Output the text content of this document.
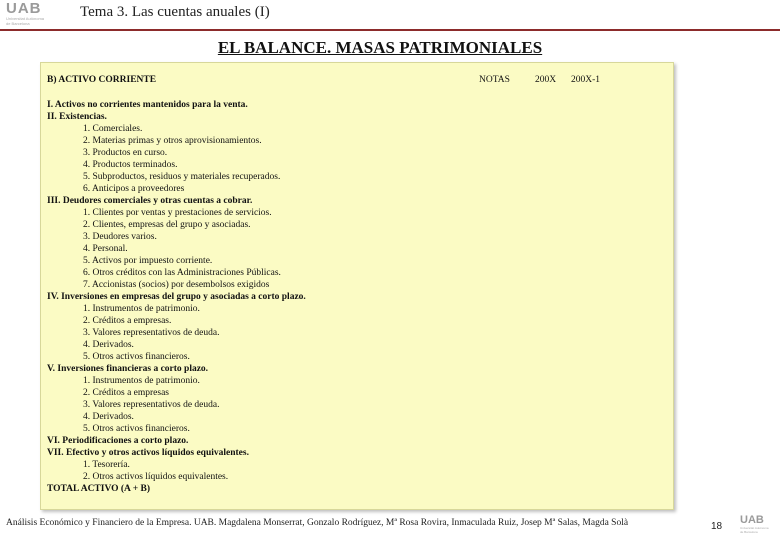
UAB
Universitat Autònoma
de Barcelona
Tema 3. Las cuentas anuales (I)
EL BALANCE. MASAS PATRIMONIALES
B) ACTIVO CORRIENTE	NOTAS	200X 200X-1
I. Activos no corrientes mantenidos para la venta.
II. Existencias.
1. Comerciales.
2. Materias primas y otros aprovisionamientos.
3. Productos en curso.
4. Productos terminados.
5. Subproductos, residuos y materiales recuperados.
6. Anticipos a proveedores
III. Deudores comerciales y otras cuentas a cobrar.
1. Clientes por ventas y prestaciones de servicios.
2. Clientes, empresas del grupo y asociadas.
3. Deudores varios.
4. Personal.
5. Activos por impuesto corriente.
6. Otros créditos con las Administraciones Públicas.
7. Accionistas (socios) por desembolsos exigidos
IV. Inversiones en empresas del grupo y asociadas a corto plazo.
1. Instrumentos de patrimonio.
2. Créditos a empresas.
3. Valores representativos de deuda.
4. Derivados.
5. Otros activos financieros.
V. Inversiones financieras a corto plazo.
1. Instrumentos de patrimonio.
2. Créditos a empresas
3. Valores representativos de deuda.
4. Derivados.
5. Otros activos financieros.
VI. Periodificaciones a corto plazo.
VII. Efectivo y otros activos líquidos equivalentes.
1. Tesorería.
2. Otros activos líquidos equivalentes.
TOTAL ACTIVO (A + B)
Análisis Económico y Financiero de la Empresa. UAB. Magdalena Monserrat, Gonzalo Rodríguez, Mª Rosa Rovira, Inmaculada Ruiz, Josep Mª Salas, Magda Solà	18
UAB
Universitat Autònoma
de Barcelona
